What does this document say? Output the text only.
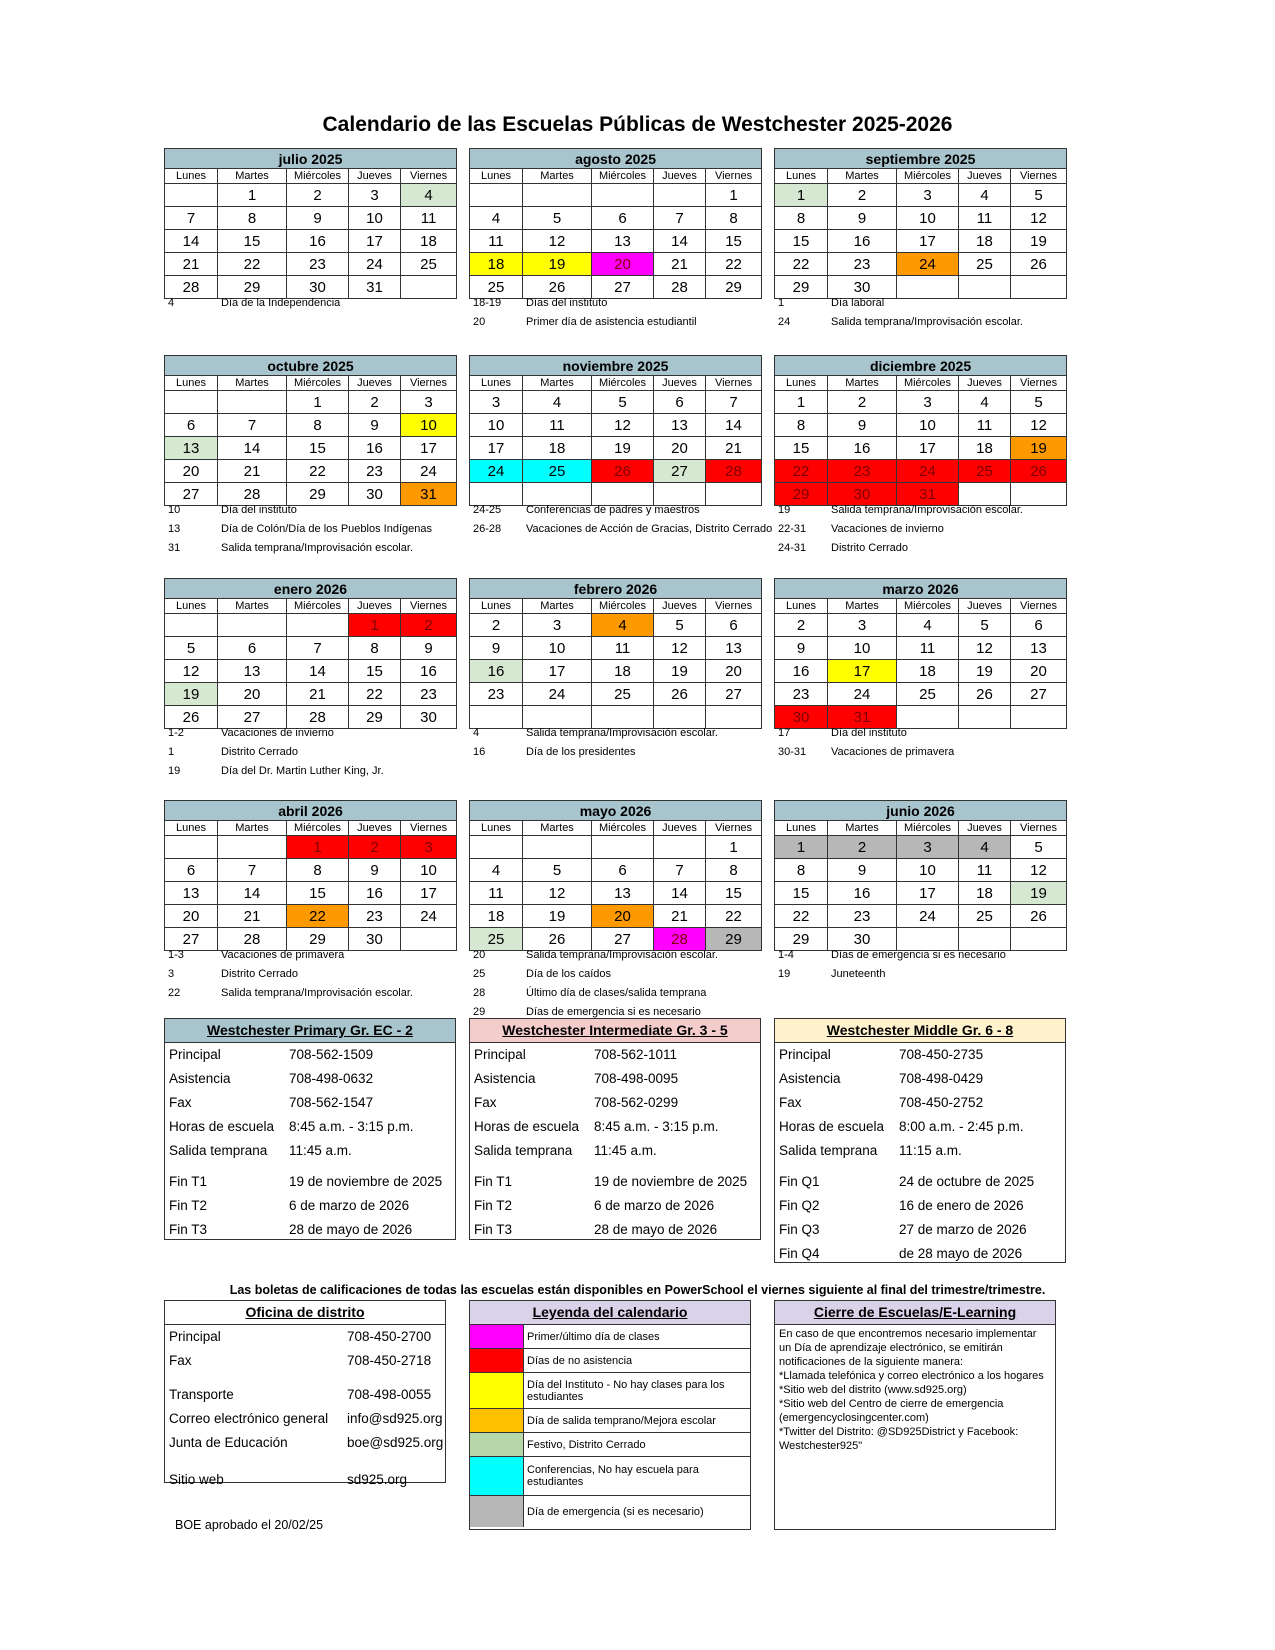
Calendario de las Escuelas Públicas de Westchester 2025-2026
julio 2025				
Lunes	Martes	Miércoles	Jueves	Viernes
	1	2	3	4
7	8	9	10	11
14	15	16	17	18
21	22	23	24	25
28	29	30	31	
4	Día de la Independencia
agosto 2025				
Lunes	Martes	Miércoles	Jueves	Viernes
				1
4	5	6	7	8
11	12	13	14	15
18	19	20	21	22
25	26	27	28	29
18-19 Días del instituto
20	Primer día de asistencia estudiantil
septiembre 2025				
Lunes	Martes	Miércoles	Jueves	Viernes
1	2	3	4	5
8	9	10	11	12
15	16	17	18	19
22	23	24	25	26
29	30			
1	Día laboral
24	Salida temprana/Improvisación escolar.
octubre 2025				
Lunes	Martes	Miércoles	Jueves	Viernes
		1	2	3
6	7	8	9	10
13	14	15	16	17
20	21	22	23	24
27	28	29	30	31
10	Día del instituto
13	Día de Colón/Día de los Pueblos Indígenas
31	Salida temprana/Improvisación escolar.
noviembre 2025				
Lunes	Martes	Miércoles	Jueves	Viernes
3	4	5	6	7
10	11	12	13	14
17	18	19	20	21
24	25	26	27	28

24-25 Conferencias de padres y maestros
26-28 Vacaciones de Acción de Gracias, Distrito Cerrado
diciembre 2025				
Lunes	Martes	Miércoles	Jueves	Viernes
1	2	3	4	5
8	9	10	11	12
15	16	17	18	19
22	23	24	25	26
29	30	31		
19	Salida temprana/Improvisación escolar.
22-31 Vacaciones de invierno
24-31 Distrito Cerrado
enero 2026				
Lunes	Martes	Miércoles	Jueves	Viernes
			1	2
5	6	7	8	9
12	13	14	15	16
19	20	21	22	23
26	27	28	29	30
1-2	Vacaciones de invierno
1	Distrito Cerrado
19	Día del Dr. Martin Luther King, Jr.
febrero 2026				
Lunes	Martes	Miércoles	Jueves	Viernes
2	3	4	5	6
9	10	11	12	13
16	17	18	19	20
23	24	25	26	27

4	Salida temprana/Improvisación escolar.
16	Día de los presidentes
marzo 2026				
Lunes	Martes	Miércoles	Jueves	Viernes
2	3	4	5	6
9	10	11	12	13
16	17	18	19	20
23	24	25	26	27
30	31			
17	Día del instituto
30-31 Vacaciones de primavera
abril 2026				
Lunes	Martes	Miércoles	Jueves	Viernes
		1	2	3
6	7	8	9	10
13	14	15	16	17
20	21	22	23	24
27	28	29	30	
1-3	Vacaciones de primavera
3	Distrito Cerrado
22	Salida temprana/Improvisación escolar.
mayo 2026				
Lunes	Martes	Miércoles	Jueves	Viernes
				1
4	5	6	7	8
11	12	13	14	15
18	19	20	21	22
25	26	27	28	29
20	Salida temprana/Improvisación escolar.
25	Día de los caídos
28	Último día de clases/salida temprana
29	Días de emergencia si es necesario
junio 2026				
Lunes	Martes	Miércoles	Jueves	Viernes
1	2	3	4	5
8	9	10	11	12
15	16	17	18	19
22	23	24	25	26
29	30			
1-4	Días de emergencia si es necesario
19	Juneteenth
Westchester Primary Gr. EC - 2
Principal	708-562-1509
Asistencia	708-498-0632
Fax	708-562-1547
Horas de escuela 8:45 a.m. - 3:15 p.m.
Salida temprana 11:45 a.m.
Fin T1	19 de noviembre de 2025
Fin T2	6 de marzo de 2026
Fin T3	28 de mayo de 2026
Westchester Intermediate Gr. 3 - 5
Principal	708-562-1011
Asistencia	708-498-0095
Fax	708-562-0299
Horas de escuela 8:45 a.m. - 3:15 p.m.
Salida temprana 11:45 a.m.
Fin T1	19 de noviembre de 2025
Fin T2	6 de marzo de 2026
Fin T3	28 de mayo de 2026
Westchester Middle Gr. 6 - 8
Principal	708-450-2735
Asistencia	708-498-0429
Fax	708-450-2752
Horas de escuela 8:00 a.m. - 2:45 p.m.
Salida temprana 11:15 a.m.
Fin Q1	24 de octubre de 2025
Fin Q2	16 de enero de 2026
Fin Q3	27 de marzo de 2026
Fin Q4	de 28 mayo de 2026
Las boletas de calificaciones de todas las escuelas están disponibles en PowerSchool el viernes siguiente al final del trimestre/trimestre.
Oficina de distrito
Principal	708-450-2700
Fax	708-450-2718
Transporte	708-498-0055
Correo electrónico general info@sd925.org
Junta de Educación	boe@sd925.org
Sitio web	sd925.org
Leyenda del calendario
Primer/último día de clases
Días de no asistencia
Día del Instituto - No hay clases para los estudiantes
Día de salida temprano/Mejora escolar
Festivo, Distrito Cerrado
Conferencias, No hay escuela para estudiantes
Día de emergencia (si es necesario)
Cierre de Escuelas/E-Learning
En caso de que encontremos necesario implementar un Día de aprendizaje electrónico, se emitirán notificaciones de la siguiente manera:
*Llamada telefónica y correo electrónico a los hogares
*Sitio web del distrito (www.sd925.org)
*Sitio web del Centro de cierre de emergencia (emergencyclosingcenter.com)
*Twitter del Distrito: @SD925District y Facebook: Westchester925"
BOE aprobado el 20/02/25
